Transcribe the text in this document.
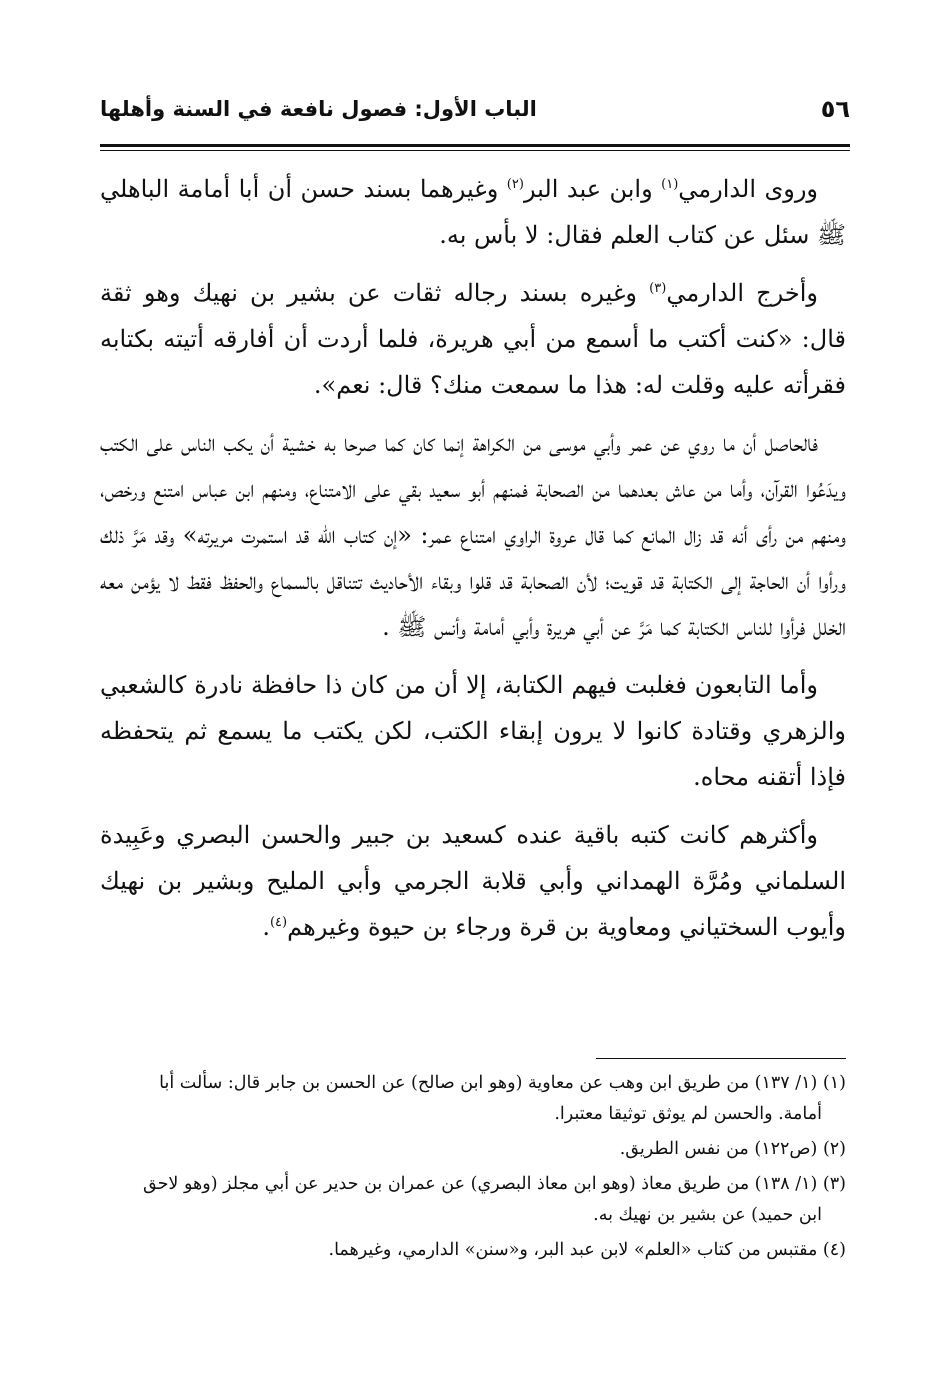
٥٦
الباب الأول: فصول نافعة في السنة وأهلها

وروى الدارمي$^{(١)}$ وابن عبد البر$^{(٢)}$ وغيرهما بسند حسن أن أبا أمامة الباهلي ﷺ سئل عن كتاب العلم فقال: لا بأس به.

وأخرج الدارمي$^{(٣)}$ وغيره بسند رجاله ثقات عن بشير بن نهيك وهو ثقة قال: «كنت أكتب ما أسمع من أبي هريرة، فلما أردت أن أفارقه أتيته بكتابه فقرأته عليه وقلت له: هذا ما سمعت منك؟ قال: نعم».

فالحاصل أن ما روي عن عمر وأبي موسى من الكراهة إنما كان كما صرحا به خشية أن يكب الناس على الكتب ويدَعُوا القرآن، وأما من عاش بعدهما من الصحابة فمنهم أبو سعيد بقي على الامتناع، ومنهم ابن عباس امتنع ورخص، ومنهم من رأى أنه قد زال المانع كما قال عروة الراوي امتناع عمر: «إن كتاب الله قد استمرت مريرته» وقد مَرَّ ذلك ورأوا أن الحاجة إلى الكتابة قد قويت؛ لأن الصحابة قد قلوا وبقاء الأحاديث تتناقل بالسماع والحفظ فقط لا يؤمن معه الخلل فرأوا للناس الكتابة كما مَرَّ عن أبي هريرة وأبي أمامة وأنس ﷺ .

وأما التابعون فغلبت فيهم الكتابة، إلا أن من كان ذا حافظة نادرة كالشعبي والزهري وقتادة كانوا لا يرون إبقاء الكتب، لكن يكتب ما يسمع ثم يتحفظه فإذا أتقنه محاه.

وأكثرهم كانت كتبه باقية عنده كسعيد بن جبير والحسن البصري وعَبِيدة السلماني ومُرَّة الهمداني وأبي قلابة الجرمي وأبي المليح وبشير بن نهيك وأيوب السختياني ومعاوية بن قرة ورجاء بن حيوة وغيرهم$^{(٤)}$.

(١) (١/ ١٣٧) من طريق ابن وهب عن معاوية (وهو ابن صالح) عن الحسن بن جابر قال: سألت أبا
أمامة. والحسن لم يوثق توثيقا معتبرا.
(٢) (ص١٢٢) من نفس الطريق.
(٣) (١/ ١٣٨) من طريق معاذ (وهو ابن معاذ البصري) عن عمران بن حدير عن أبي مجلز (وهو لاحق
ابن حميد) عن بشير بن نهيك به.
(٤) مقتبس من كتاب «العلم» لابن عبد البر، و«سنن» الدارمي، وغيرهما.
